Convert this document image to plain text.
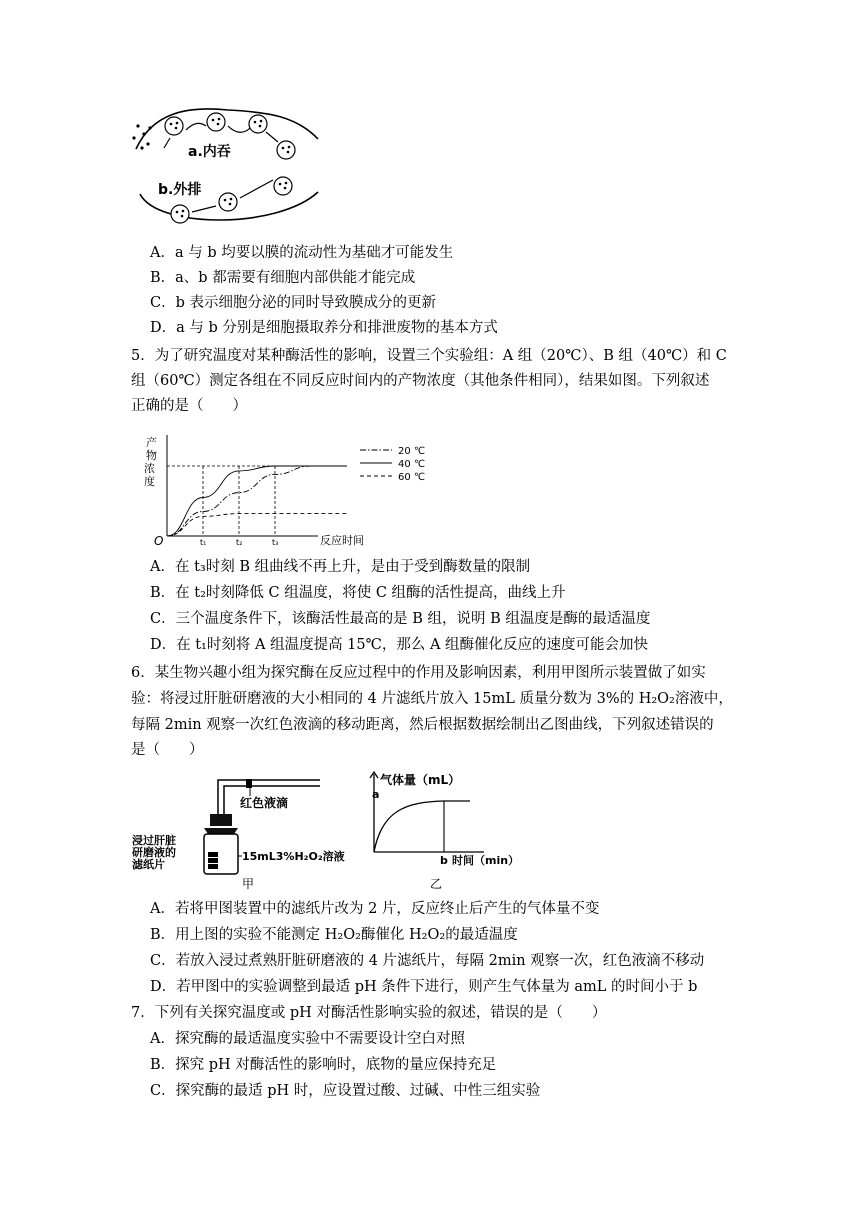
a.内吞
b.外排
A．a 与 b 均要以膜的流动性为基础才可能发生
B．a、b 都需要有细胞内部供能才能完成
C．b 表示细胞分泌的同时导致膜成分的更新
D．a 与 b 分别是细胞摄取养分和排泄废物的基本方式
5．为了研究温度对某种酶活性的影响，设置三个实验组：A 组（20℃）、B 组（40℃）和 C
组（60℃）测定各组在不同反应时间内的产物浓度（其他条件相同），结果如图。下列叙述
正确的是（　　）
产
物
浓
度
O	反应时间
t₁	t₂	t₃
20 ℃
40 ℃
60 ℃
A．在 t₃时刻 B 组曲线不再上升，是由于受到酶数量的限制
B．在 t₂时刻降低 C 组温度，将使 C 组酶的活性提高，曲线上升
C．三个温度条件下，该酶活性最高的是 B 组，说明 B 组温度是酶的最适温度
D．在 t₁时刻将 A 组温度提高 15℃，那么 A 组酶催化反应的速度可能会加快
6．某生物兴趣小组为探究酶在反应过程中的作用及影响因素，利用甲图所示装置做了如实
验：将浸过肝脏研磨液的大小相同的 4 片滤纸片放入 15mL 质量分数为 3%的 H₂O₂溶液中，
每隔 2min 观察一次红色液滴的移动距离，然后根据数据绘制出乙图曲线，下列叙述错误的
是（　　）
红色液滴
浸过肝脏
研磨液的
滤纸片
15mL3%H₂O₂溶液
甲
气体量（mL）
a
b 时间（min）
乙
A．若将甲图装置中的滤纸片改为 2 片，反应终止后产生的气体量不变
B．用上图的实验不能测定 H₂O₂酶催化 H₂O₂的最适温度
C．若放入浸过煮熟肝脏研磨液的 4 片滤纸片，每隔 2min 观察一次，红色液滴不移动
D．若甲图中的实验调整到最适 pH 条件下进行，则产生气体量为 amL 的时间小于 b
7．下列有关探究温度或 pH 对酶活性影响实验的叙述，错误的是（　　）
A．探究酶的最适温度实验中不需要设计空白对照
B．探究 pH 对酶活性的影响时，底物的量应保持充足
C．探究酶的最适 pH 时，应设置过酸、过碱、中性三组实验
